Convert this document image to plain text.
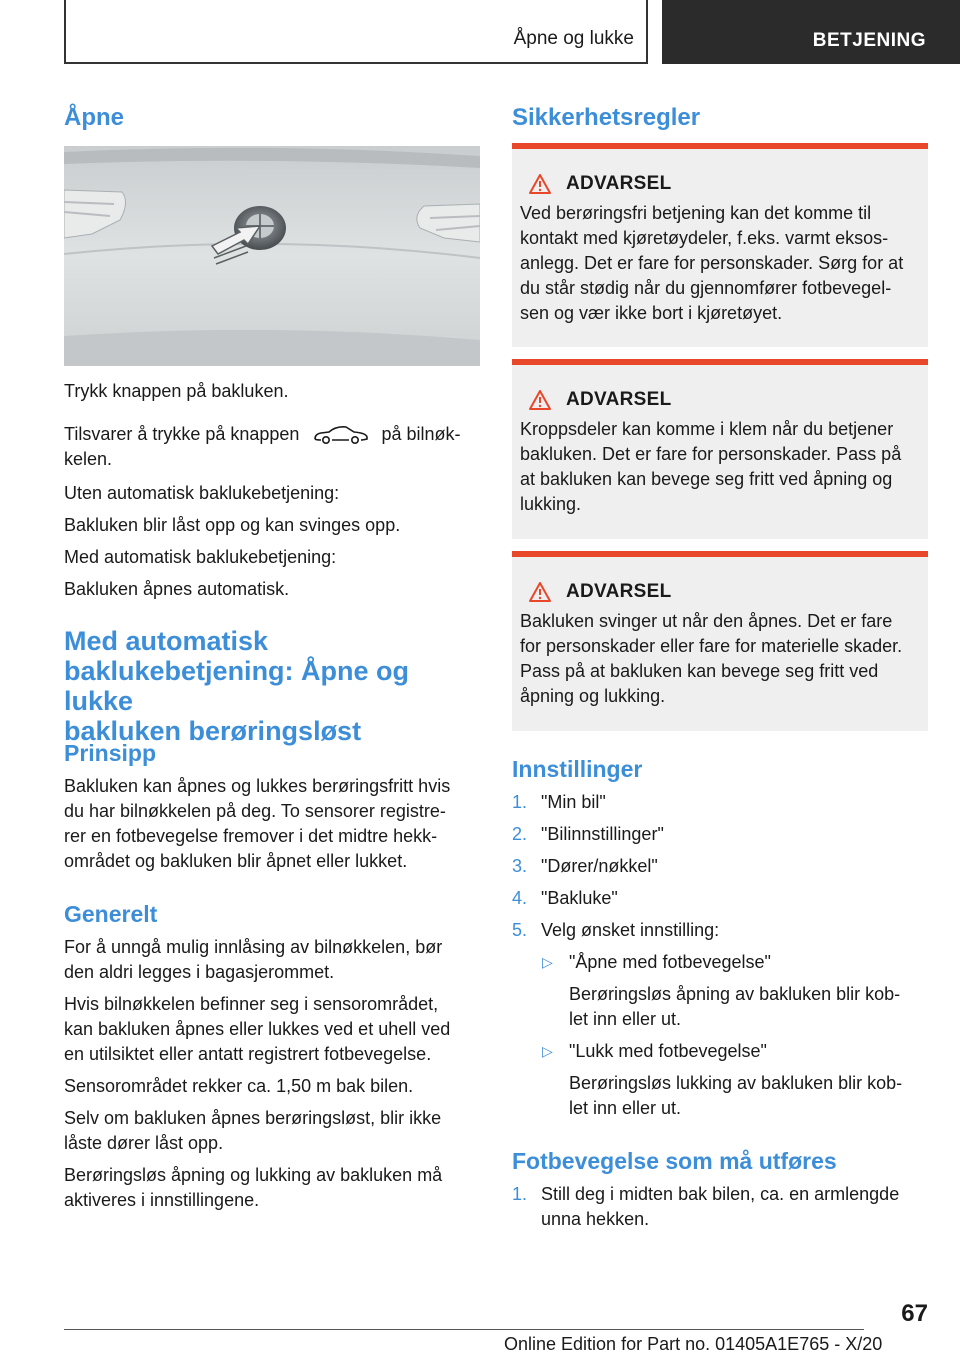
Åpne og lukke	BETJENING
Åpne

Trykk knappen på bakluken.

Tilsvarer å trykke på knappen	på bilnøk-
kelen.

Uten automatisk baklukebetjening:

Bakluken blir låst opp og kan svinges opp.

Med automatisk baklukebetjening:

Bakluken åpnes automatisk.

Med automatisk
baklukebetjening: Åpne og lukke
bakluken berøringsløst
Prinsipp

Bakluken kan åpnes og lukkes berøringsfritt hvis

du har bilnøkkelen på deg. To sensorer registre-

rer en fotbevegelse fremover i det midtre hekk-

området og bakluken blir åpnet eller lukket.

Generelt

For å unngå mulig innlåsing av bilnøkkelen, bør

den aldri legges i bagasjerommet.

Hvis bilnøkkelen befinner seg i sensorområdet,

kan bakluken åpnes eller lukkes ved et uhell ved

en utilsiktet eller antatt registrert fotbevegelse.

Sensorområdet rekker ca. 1,50 m bak bilen.

Selv om bakluken åpnes berøringsløst, blir ikke

låste dører låst opp.

Berøringsløs åpning og lukking av bakluken må

aktiveres i innstillingene.

Sikkerhetsregler
ADVARSEL

Ved berøringsfri betjening kan det komme til

kontakt med kjøretøydeler, f.eks. varmt eksos-

anlegg. Det er fare for personskader. Sørg for at

du står stødig når du gjennomfører fotbevegel-

sen og vær ikke bort i kjøretøyet.

ADVARSEL

Kroppsdeler kan komme i klem når du betjener

bakluken. Det er fare for personskader. Pass på

at bakluken kan bevege seg fritt ved åpning og

lukking.

ADVARSEL

Bakluken svinger ut når den åpnes. Det er fare

for personskader eller fare for materielle skader.

Pass på at bakluken kan bevege seg fritt ved

åpning og lukking.

Innstillinger
1. "Min bil"
2. "Bilinnstillinger"
3. "Dører/nøkkel"
4. "Bakluke"
5. Velg ønsket innstilling:
▷ "Åpne med fotbevegelse"
Berøringsløs åpning av bakluken blir kob-
let inn eller ut.
▷ "Lukk med fotbevegelse"
Berøringsløs lukking av bakluken blir kob-
let inn eller ut.
Fotbevegelse som må utføres
1. Still deg i midten bak bilen, ca. en armlengde
unna hekken.
67
Online Edition for Part no. 01405A1E765 - X/20
